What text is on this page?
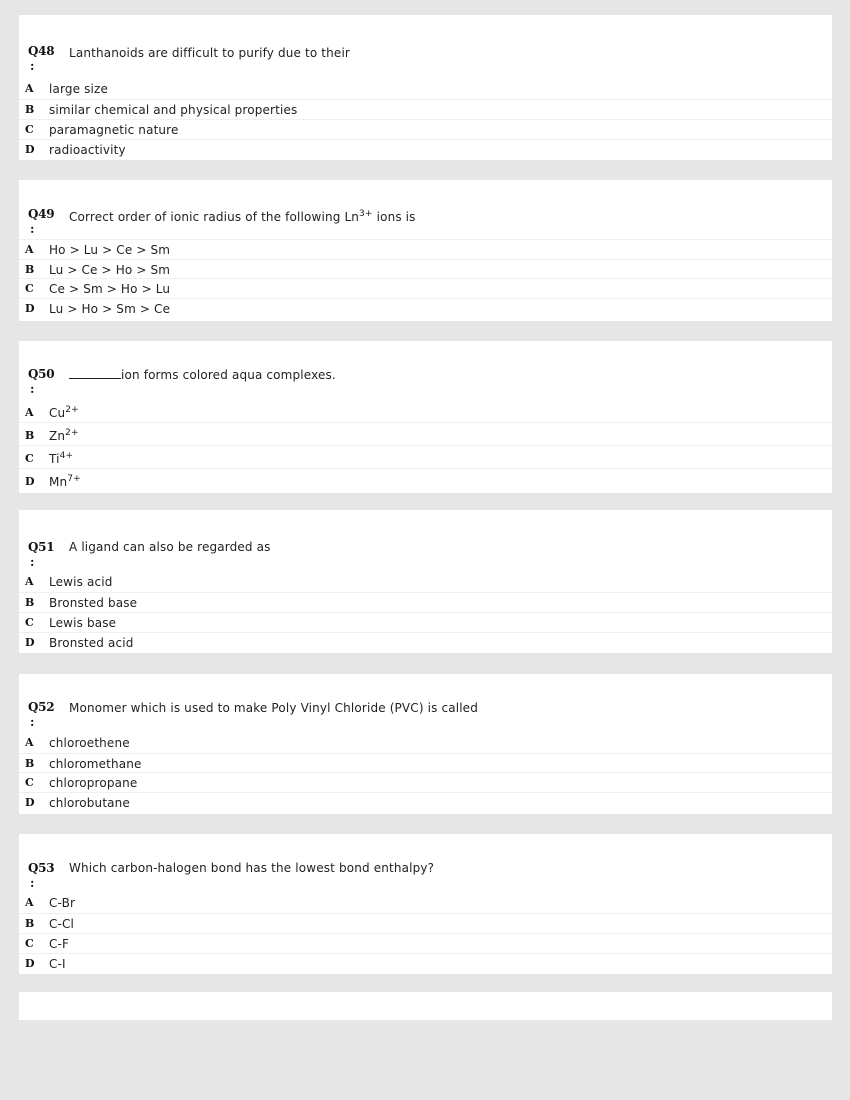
Q48
:
Lanthanoids are difficult to purify due to their
A large size
B similar chemical and physical properties
C paramagnetic nature
D radioactivity
Q49
:
Correct order of ionic radius of the following $Ln^{3+}$ ions is
A Ho > Lu > Ce > Sm
B Lu > Ce > Ho > Sm
C Ce > Sm > Ho > Lu
D Lu > Ho > Sm > Ce
Q50
:
ion forms colored aqua complexes.
A $Cu^{2+}$
B $Zn^{2+}$
C $Ti^{4+}$
D $Mn^{7+}$
Q51
:
A ligand can also be regarded as
A Lewis acid
B Bronsted base
C Lewis base
D Bronsted acid
Q52
:
Monomer which is used to make Poly Vinyl Chloride (PVC) is called
A chloroethene
B chloromethane
C chloropropane
D chlorobutane
Q53
:
Which carbon-halogen bond has the lowest bond enthalpy?
A C-Br
B C-Cl
C C-F
D C-I
